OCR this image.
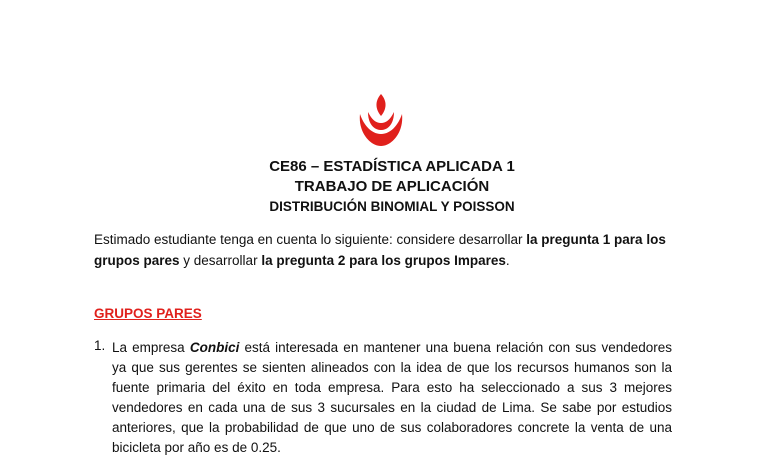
CE86 – ESTADÍSTICA APLICADA 1
TRABAJO DE APLICACIÓN
DISTRIBUCIÓN BINOMIAL Y POISSON
Estimado estudiante tenga en cuenta lo siguiente: considere desarrollar la pregunta 1 para los grupos pares y desarrollar la pregunta 2 para los grupos Impares.
GRUPOS PARES
1. La empresa Conbici está interesada en mantener una buena relación con sus vendedores ya que sus gerentes se sienten alineados con la idea de que los recursos humanos son la fuente primaria del éxito en toda empresa. Para esto ha seleccionado a sus 3 mejores vendedores en cada una de sus 3 sucursales en la ciudad de Lima. Se sabe por estudios anteriores, que la probabilidad de que uno de sus colaboradores concrete la venta de una bicicleta por año es de 0.25.
